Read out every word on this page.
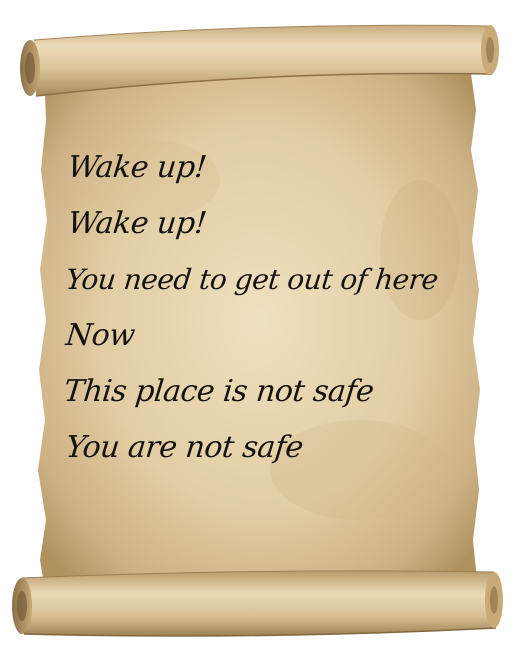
Wake up!
Wake up!
You need to get out of here
Now
This place is not safe
You are not safe
